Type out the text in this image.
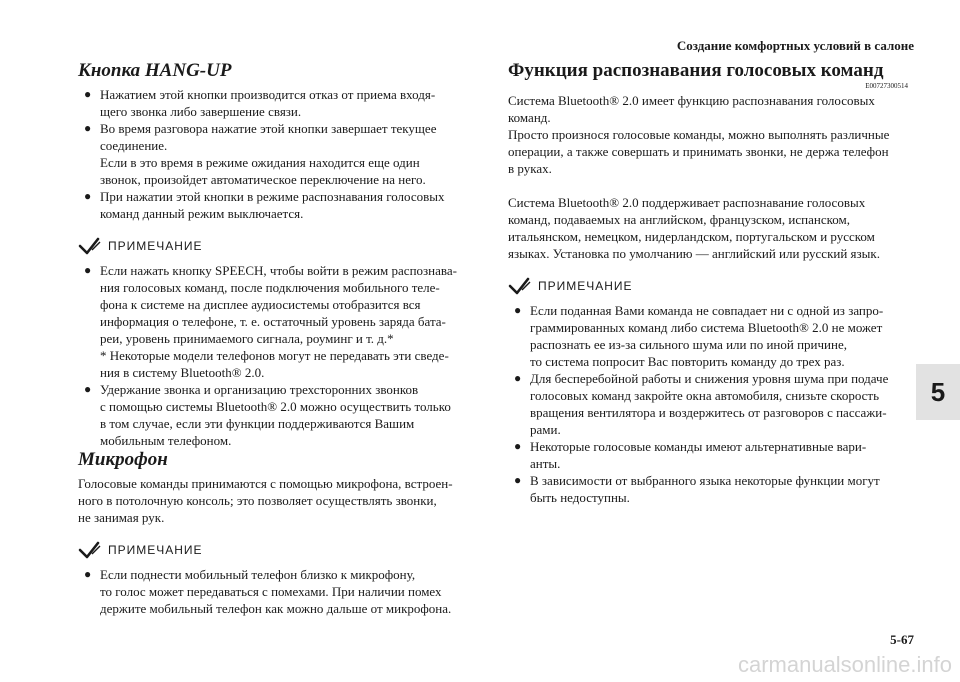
Создание комфортных условий в салоне
Кнопка HANG-UP
● Нажатием этой кнопки производится отказ от приема входя-
щего звонка либо завершение связи.
● Во время разговора нажатие этой кнопки завершает текущее
соединение.
Если в это время в режиме ожидания находится еще один
звонок, произойдет автоматическое переключение на него.
● При нажатии этой кнопки в режиме распознавания голосовых
команд данный режим выключается.
ПРИМЕЧАНИЕ
● Если нажать кнопку SPEECH, чтобы войти в режим распознава-
ния голосовых команд, после подключения мобильного теле-
фона к системе на дисплее аудиосистемы отобразится вся
информация о телефоне, т. е. остаточный уровень заряда бата-
реи, уровень принимаемого сигнала, роуминг и т. д.*
* Некоторые модели телефонов могут не передавать эти сведе-
ния в систему Bluetooth® 2.0.
● Удержание звонка и организацию трехсторонних звонков
с помощью системы Bluetooth® 2.0 можно осуществить только
в том случае, если эти функции поддерживаются Вашим
мобильным телефоном.
Микрофон

Голосовые команды принимаются с помощью микрофона, встроен-
ного в потолочную консоль; это позволяет осуществлять звонки,
не занимая рук.

ПРИМЕЧАНИЕ
● Если поднести мобильный телефон близко к микрофону,
то голос может передаваться с помехами. При наличии помех
держите мобильный телефон как можно дальше от микрофона.
Функция распознавания голосовых команд
E00727300514

Система Bluetooth® 2.0 имеет функцию распознавания голосовых
команд.
Просто произнося голосовые команды, можно выполнять различные
операции, а также совершать и принимать звонки, не держа телефон
в руках.

Система Bluetooth® 2.0 поддерживает распознавание голосовых
команд, подаваемых на английском, французском, испанском,
итальянском, немецком, нидерландском, португальском и русском
языках. Установка по умолчанию — английский или русский язык.

ПРИМЕЧАНИЕ
● Если поданная Вами команда не совпадает ни с одной из запро-
граммированных команд либо система Bluetooth® 2.0 не может
распознать ее из-за сильного шума или по иной причине,
то система попросит Вас повторить команду до трех раз.
● Для бесперебойной работы и снижения уровня шума при подаче
голосовых команд закройте окна автомобиля, снизьте скорость
вращения вентилятора и воздержитесь от разговоров с пассажи-
рами.
● Некоторые голосовые команды имеют альтернативные вари-
анты.
● В зависимости от выбранного языка некоторые функции могут
быть недоступны.
5
5-67
carmanualsonline.info
